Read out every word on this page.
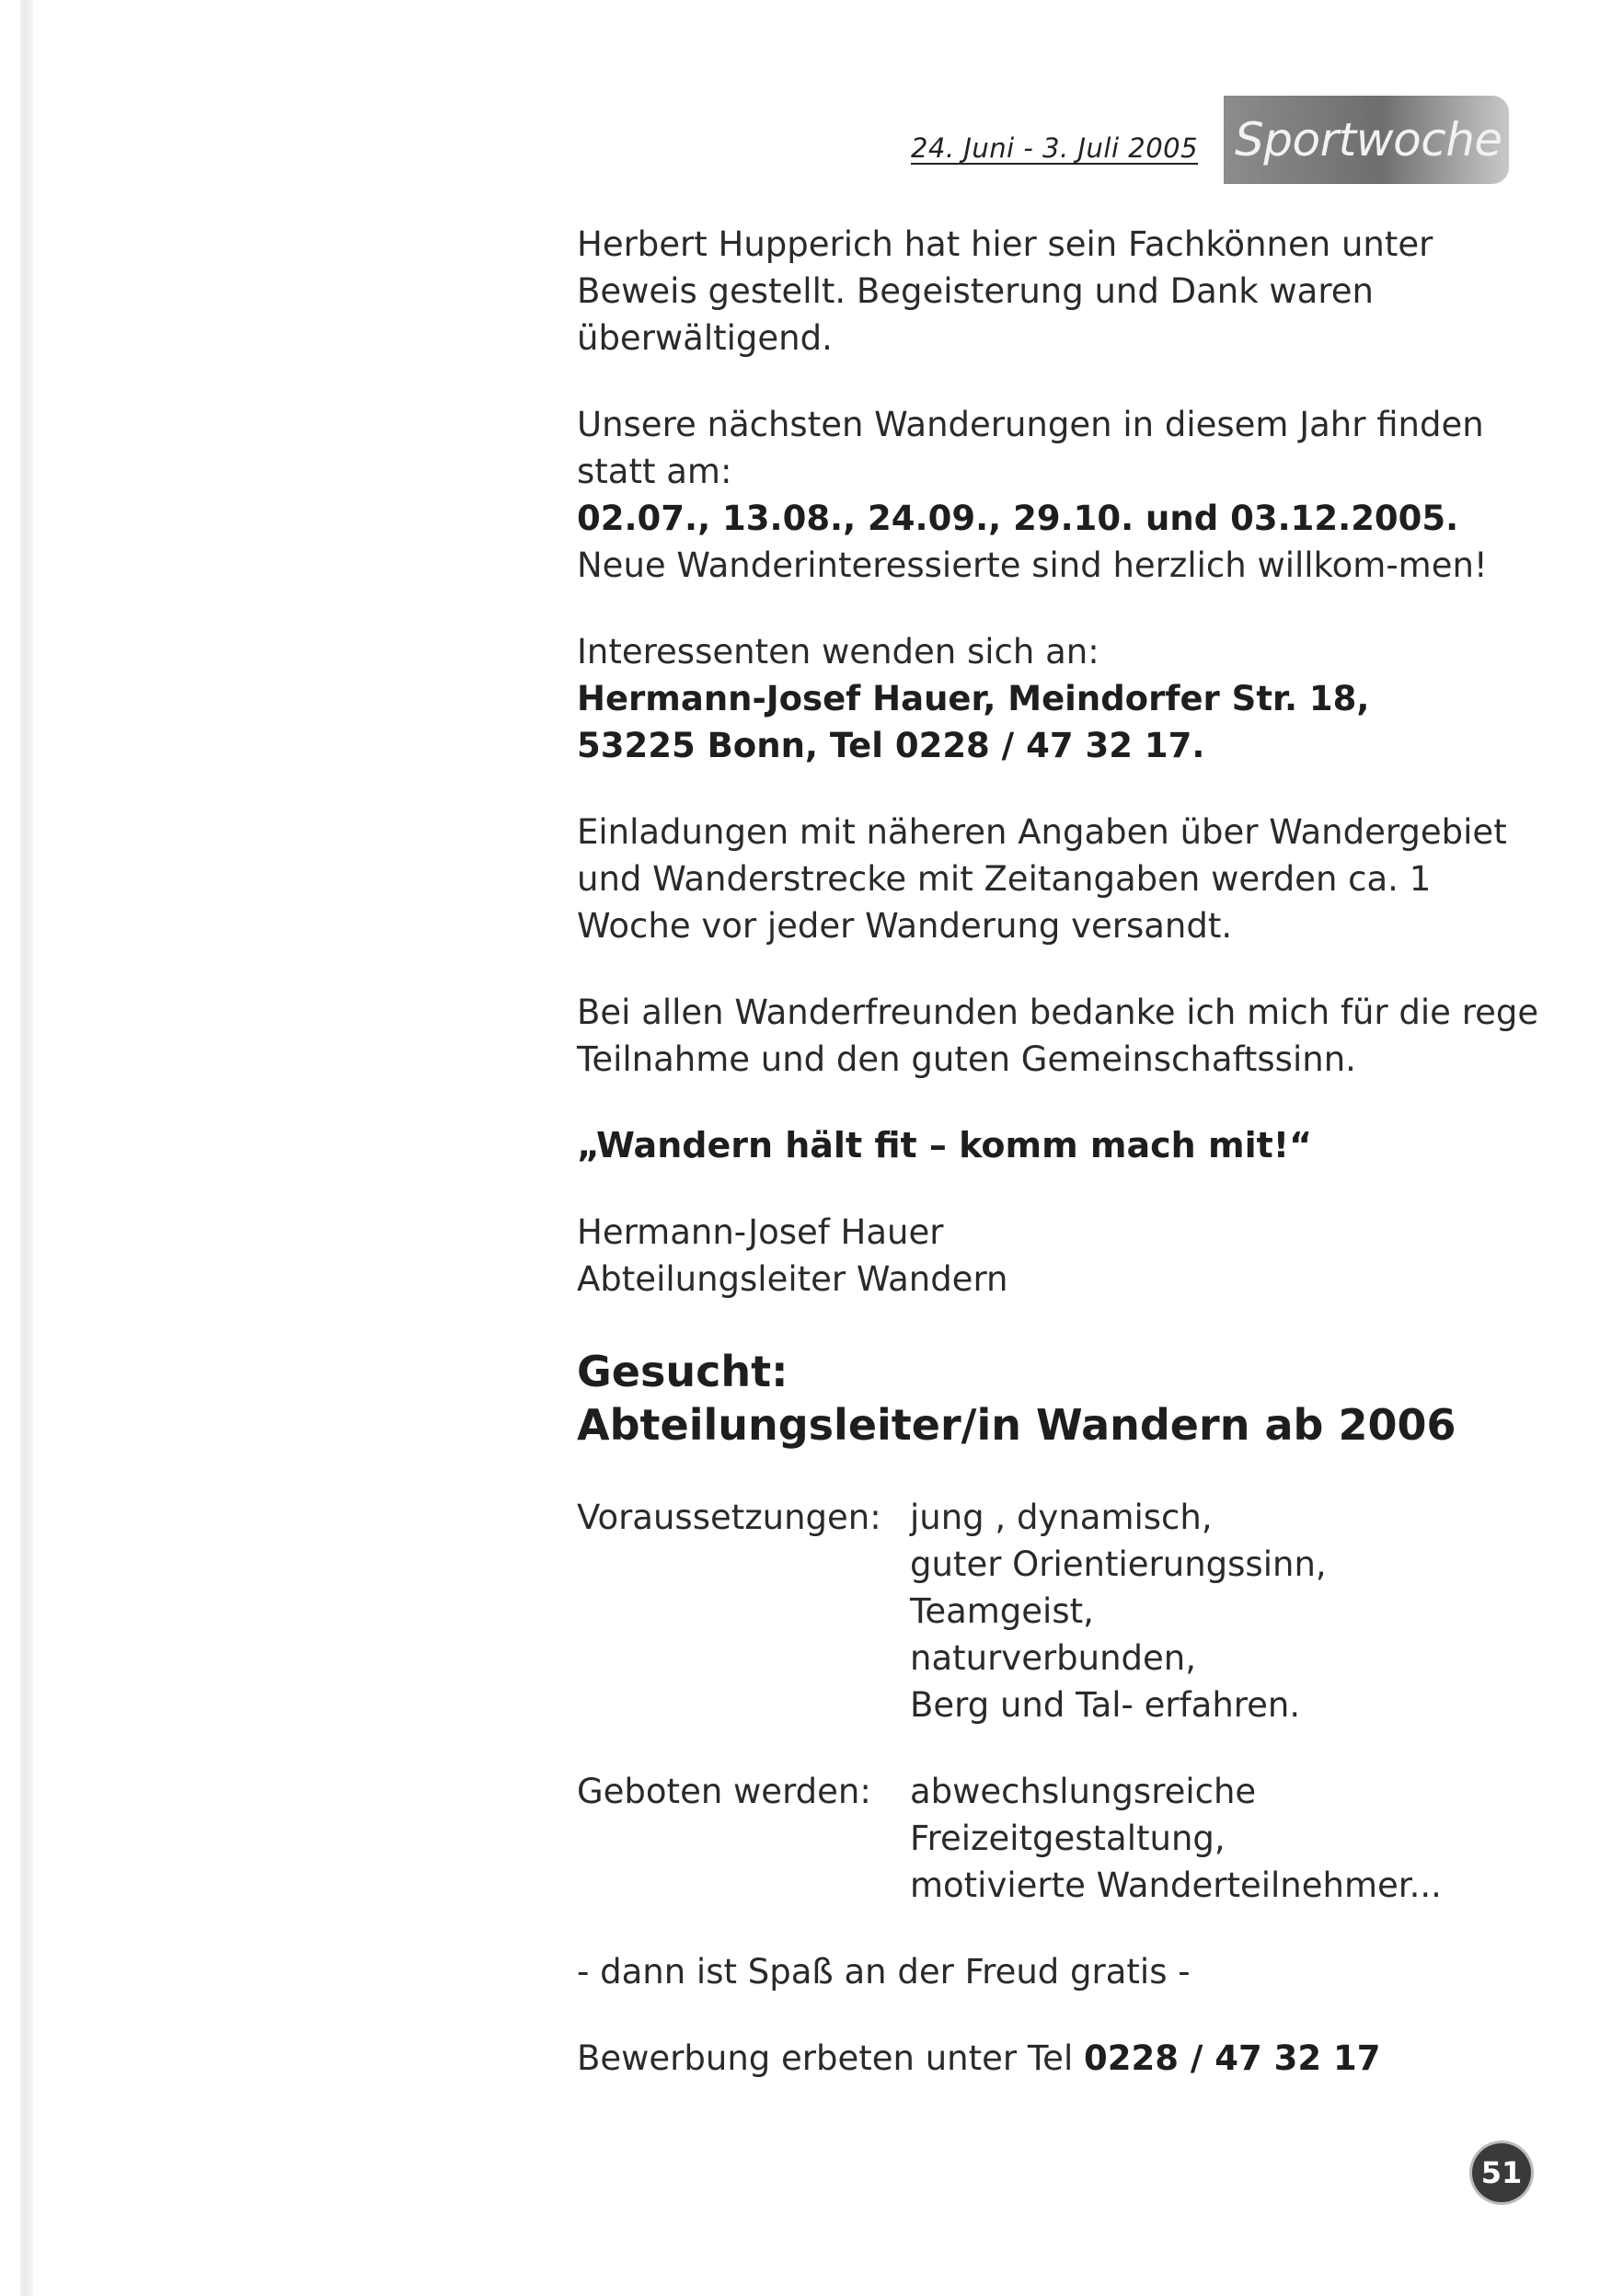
24. Juni - 3. Juli 2005 Sportwoche

Herbert Hupperich hat hier sein Fachkönnen unter Beweis gestellt. Begeisterung und Dank waren überwältigend.

Unsere nächsten Wanderungen in diesem Jahr finden statt am:

02.07., 13.08., 24.09., 29.10. und 03.12.2005.

Neue Wanderinteressierte sind herzlich willkom-men!

Interessenten wenden sich an:

Hermann-Josef Hauer, Meindorfer Str. 18,

53225 Bonn, Tel 0228 / 47 32 17.

Einladungen mit näheren Angaben über Wandergebiet und Wanderstrecke mit Zeitangaben werden ca. 1 Woche vor jeder Wanderung versandt.

Bei allen Wanderfreunden bedanke ich mich für die rege Teilnahme und den guten Gemeinschaftssinn.

„Wandern hält fit – komm mach mit!“

Hermann-Josef Hauer

Abteilungsleiter Wandern

Gesucht:

Abteilungsleiter/in Wandern ab 2006

Voraussetzungen: jung , dynamisch,
guter Orientierungssinn,
Teamgeist,
naturverbunden,
Berg und Tal- erfahren.
Geboten werden:	abwechslungsreiche
Freizeitgestaltung,
motivierte Wanderteilnehmer...

- dann ist Spaß an der Freud gratis -

Bewerbung erbeten unter Tel 0228 / 47 32 17

51
